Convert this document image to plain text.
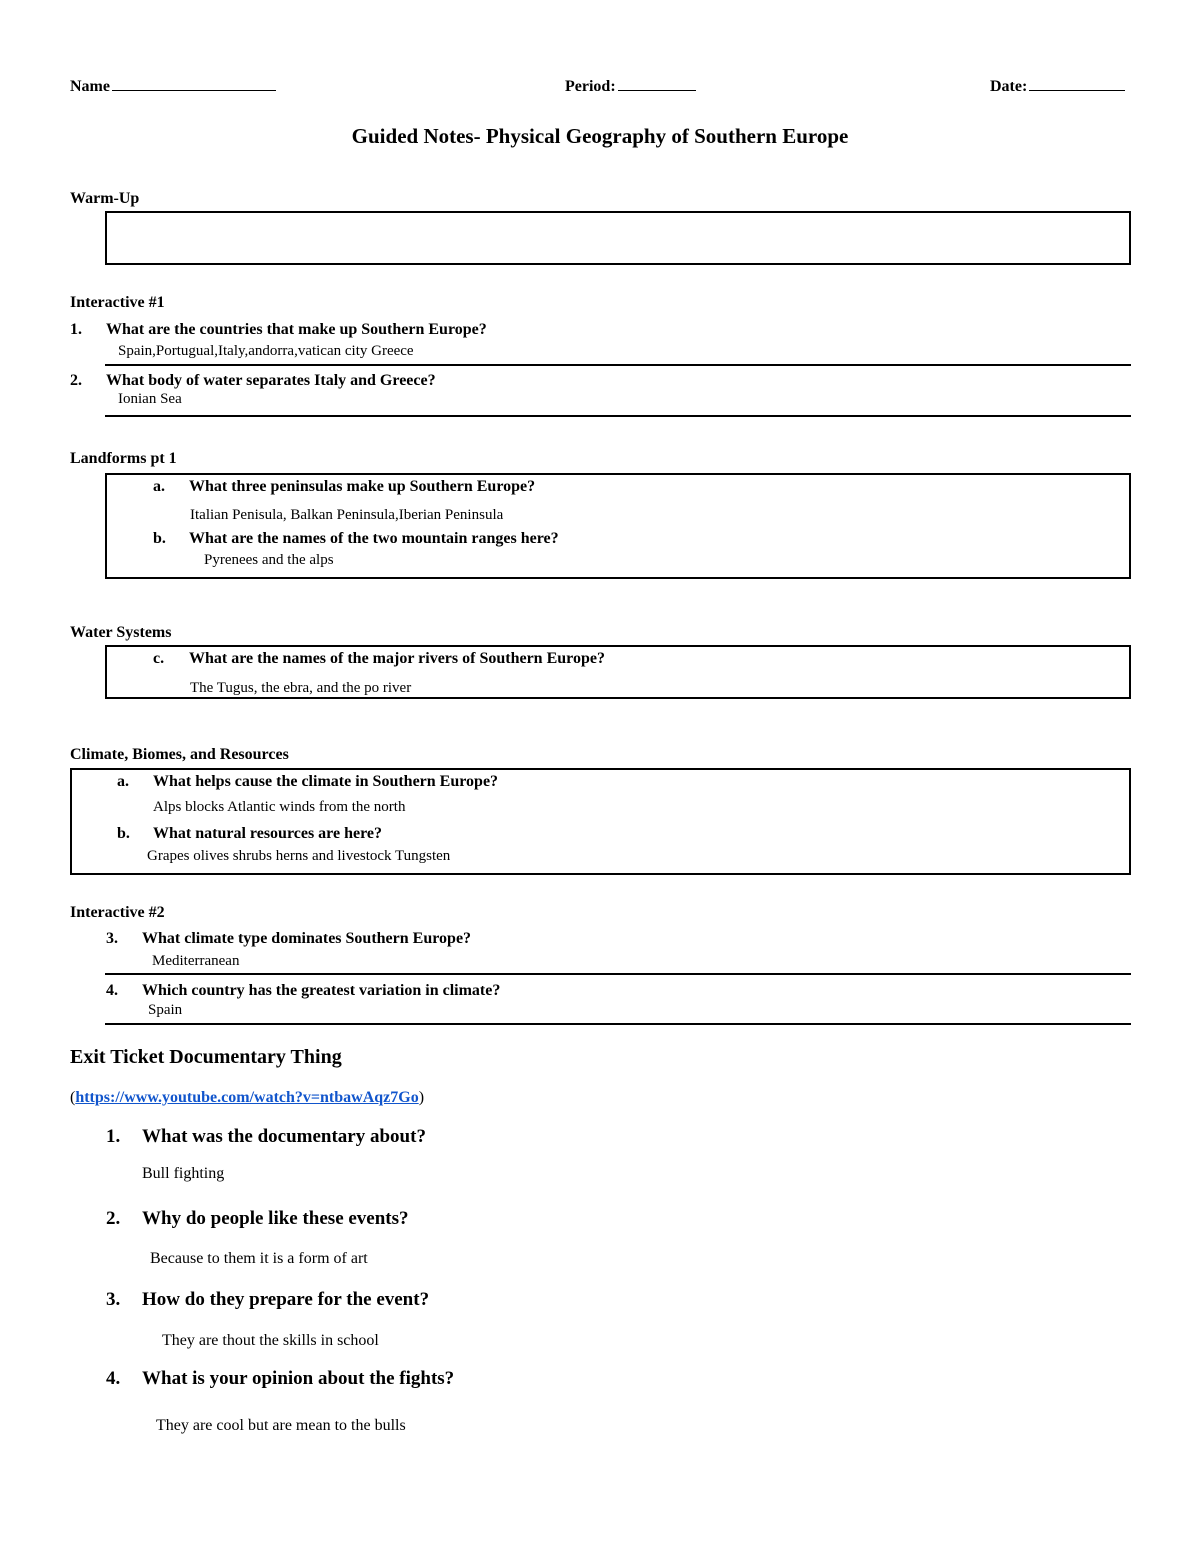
Name	Period:	Date:
Guided Notes- Physical Geography of Southern Europe
Warm-Up
Interactive #1
1. What are the countries that make up Southern Europe?
Spain,Portugual,Italy,andorra,vatican city Greece
2. What body of water separates Italy and Greece?
Ionian Sea
Landforms pt 1
a. What three peninsulas make up Southern Europe?
Italian Penisula, Balkan Peninsula,Iberian Peninsula
b. What are the names of the two mountain ranges here?
Pyrenees and the alps
Water Systems
c. What are the names of the major rivers of Southern Europe?
The Tugus, the ebra, and the po river
Climate, Biomes, and Resources
a. What helps cause the climate in Southern Europe?
Alps blocks Atlantic winds from the north
b. What natural resources are here?
Grapes olives shrubs herns and livestock Tungsten
Interactive #2
3. What climate type dominates Southern Europe?
Mediterranean
4. Which country has the greatest variation in climate?
Spain
Exit Ticket Documentary Thing
(https://www.youtube.com/watch?v=ntbawAqz7Go)
1. What was the documentary about?
Bull fighting
2. Why do people like these events?
Because to them it is a form of art
3. How do they prepare for the event?
They are thout the skills in school
4. What is your opinion about the fights?
They are cool but are mean to the bulls
